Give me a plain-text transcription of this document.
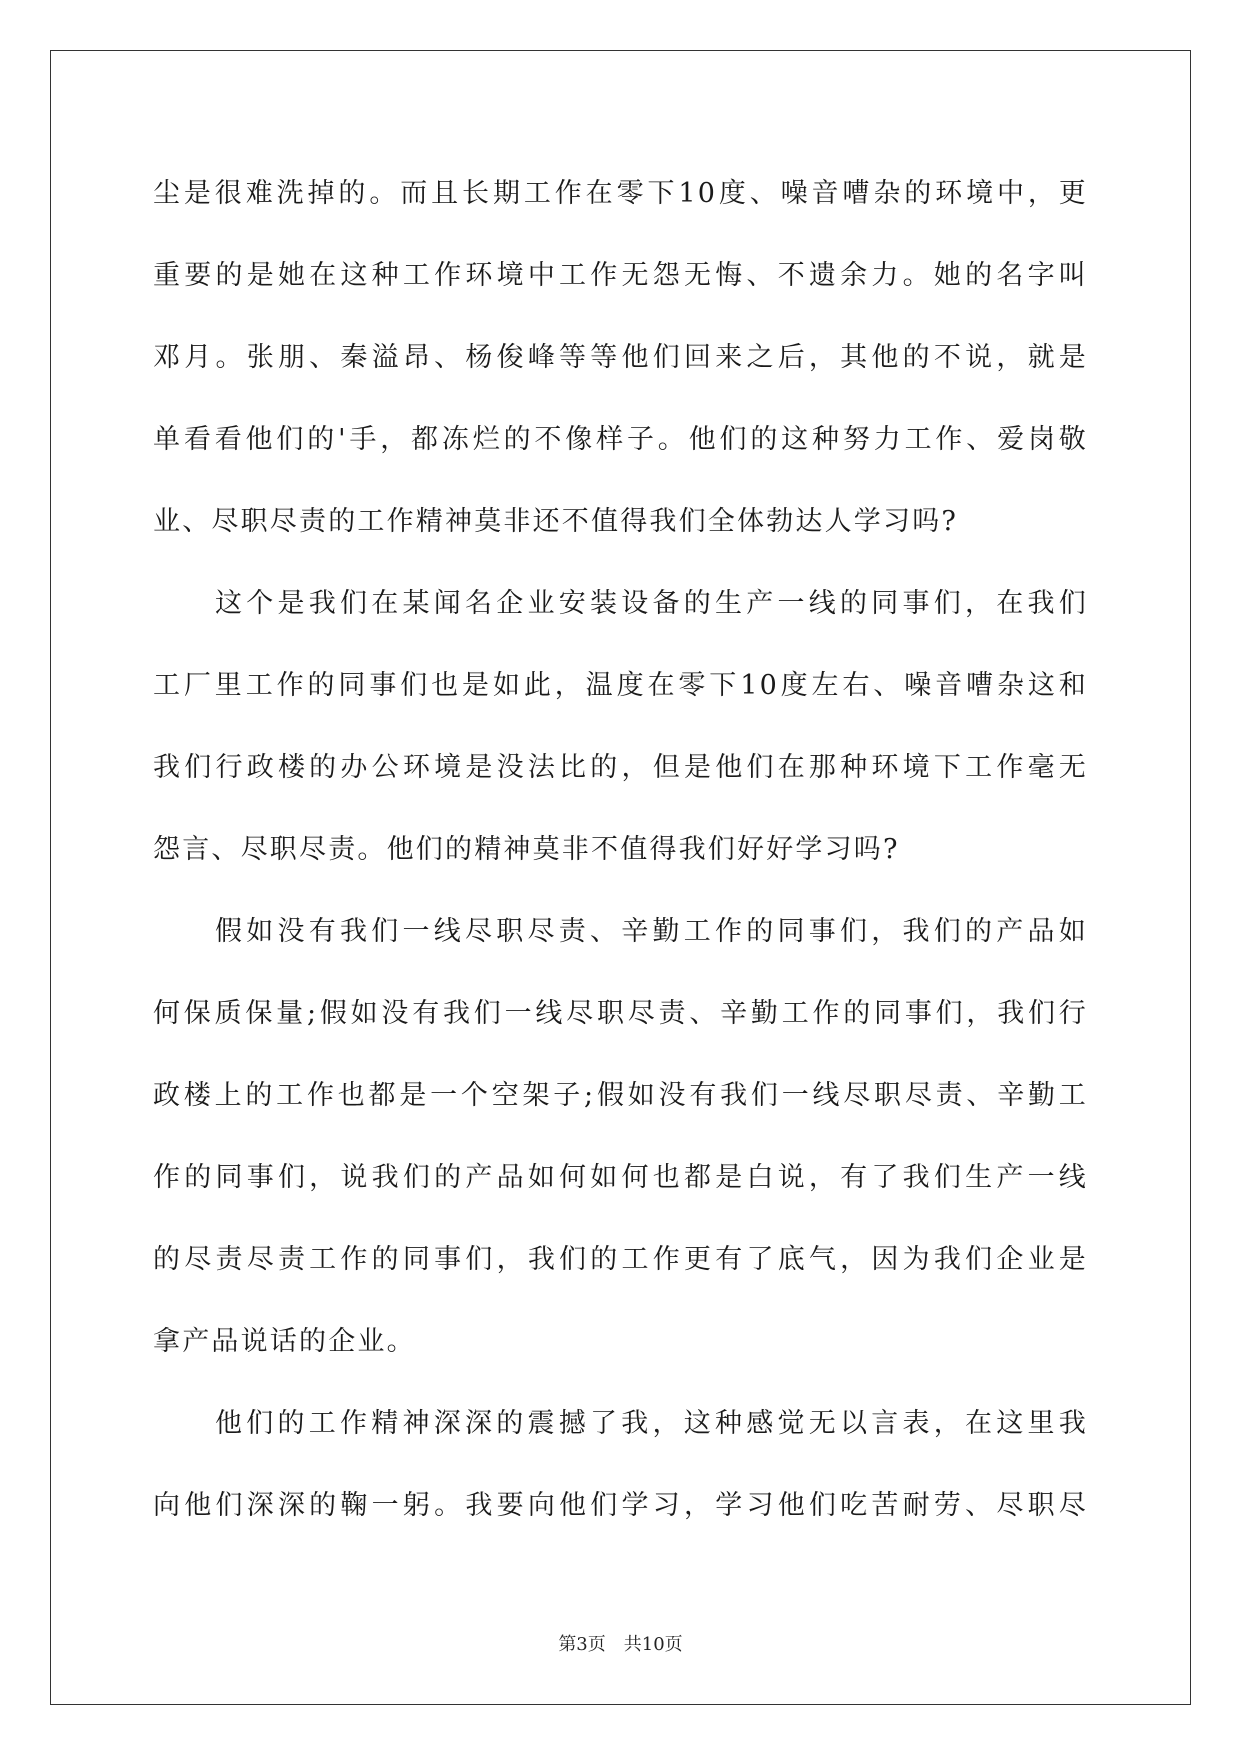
尘是很难洗掉的。而且长期工作在零下10度、噪音嘈杂的环境中，更
重要的是她在这种工作环境中工作无怨无悔、不遗余力。她的名字叫
邓月。张朋、秦溢昂、杨俊峰等等他们回来之后，其他的不说，就是
单看看他们的'手，都冻烂的不像样子。他们的这种努力工作、爱岗敬
业、尽职尽责的工作精神莫非还不值得我们全体勃达人学习吗?
这个是我们在某闻名企业安装设备的生产一线的同事们，在我们
工厂里工作的同事们也是如此，温度在零下10度左右、噪音嘈杂这和
我们行政楼的办公环境是没法比的，但是他们在那种环境下工作毫无
怨言、尽职尽责。他们的精神莫非不值得我们好好学习吗?
假如没有我们一线尽职尽责、辛勤工作的同事们，我们的产品如
何保质保量;假如没有我们一线尽职尽责、辛勤工作的同事们，我们行
政楼上的工作也都是一个空架子;假如没有我们一线尽职尽责、辛勤工
作的同事们，说我们的产品如何如何也都是白说，有了我们生产一线
的尽责尽责工作的同事们，我们的工作更有了底气，因为我们企业是
拿产品说话的企业。
他们的工作精神深深的震撼了我，这种感觉无以言表，在这里我
向他们深深的鞠一躬。我要向他们学习，学习他们吃苦耐劳、尽职尽
第3页 共10页
